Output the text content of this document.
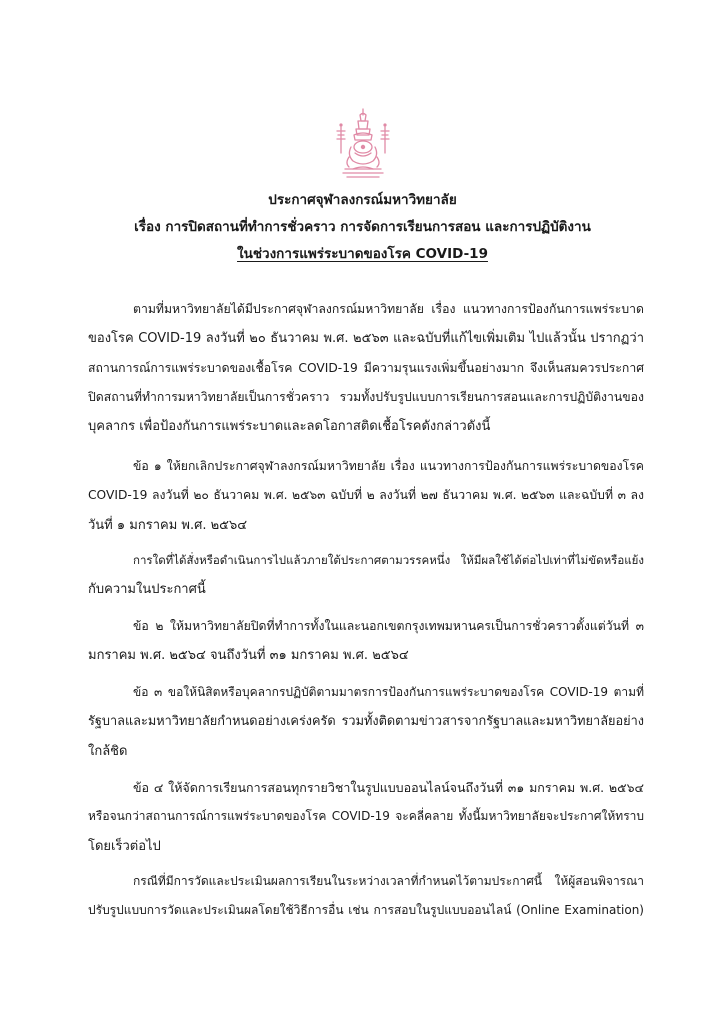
ประกาศจุฬาลงกรณ์มหาวิทยาลัย
เรื่อง การปิดสถานที่ทำการชั่วคราว การจัดการเรียนการสอน และการปฏิบัติงาน
ในช่วงการแพร่ระบาดของโรค COVID-19
ตามที่มหาวิทยาลัยได้มีประกาศจุฬาลงกรณ์มหาวิทยาลัย เรื่อง แนวทางการป้องกันการแพร่ระบาด
ของโรค COVID-19 ลงวันที่ ๒๐ ธันวาคม พ.ศ. ๒๕๖๓ และฉบับที่แก้ไขเพิ่มเติม ไปแล้วนั้น ปรากฏว่า
สถานการณ์การแพร่ระบาดของเชื้อโรค COVID-19 มีความรุนแรงเพิ่มขึ้นอย่างมาก จึงเห็นสมควรประกาศ
ปิดสถานที่ทำการมหาวิทยาลัยเป็นการชั่วคราว รวมทั้งปรับรูปแบบการเรียนการสอนและการปฏิบัติงานของ
บุคลากร เพื่อป้องกันการแพร่ระบาดและลดโอกาสติดเชื้อโรคดังกล่าวดังนี้
ข้อ ๑ ให้ยกเลิกประกาศจุฬาลงกรณ์มหาวิทยาลัย เรื่อง แนวทางการป้องกันการแพร่ระบาดของโรค
COVID-19 ลงวันที่ ๒๐ ธันวาคม พ.ศ. ๒๕๖๓ ฉบับที่ ๒ ลงวันที่ ๒๗ ธันวาคม พ.ศ. ๒๕๖๓ และฉบับที่ ๓ ลง
วันที่ ๑ มกราคม พ.ศ. ๒๕๖๔
การใดที่ได้สั่งหรือดำเนินการไปแล้วภายใต้ประกาศตามวรรคหนึ่ง ให้มีผลใช้ได้ต่อไปเท่าที่ไม่ขัดหรือแย้ง
กับความในประกาศนี้
ข้อ ๒ ให้มหาวิทยาลัยปิดที่ทำการทั้งในและนอกเขตกรุงเทพมหานครเป็นการชั่วคราวตั้งแต่วันที่ ๓
มกราคม พ.ศ. ๒๕๖๔ จนถึงวันที่ ๓๑ มกราคม พ.ศ. ๒๕๖๔
ข้อ ๓ ขอให้นิสิตหรือบุคลากรปฏิบัติตามมาตรการป้องกันการแพร่ระบาดของโรค COVID-19 ตามที่
รัฐบาลและมหาวิทยาลัยกำหนดอย่างเคร่งครัด รวมทั้งติดตามข่าวสารจากรัฐบาลและมหาวิทยาลัยอย่าง
ใกล้ชิด
ข้อ ๔ ให้จัดการเรียนการสอนทุกรายวิชาในรูปแบบออนไลน์จนถึงวันที่ ๓๑ มกราคม พ.ศ. ๒๕๖๔
หรือจนกว่าสถานการณ์การแพร่ระบาดของโรค COVID-19 จะคลี่คลาย ทั้งนี้มหาวิทยาลัยจะประกาศให้ทราบ
โดยเร็วต่อไป
กรณีที่มีการวัดและประเมินผลการเรียนในระหว่างเวลาที่กำหนดไว้ตามประกาศนี้ ให้ผู้สอนพิจารณา
ปรับรูปแบบการวัดและประเมินผลโดยใช้วิธีการอื่น เช่น การสอบในรูปแบบออนไลน์ (Online Examination)
